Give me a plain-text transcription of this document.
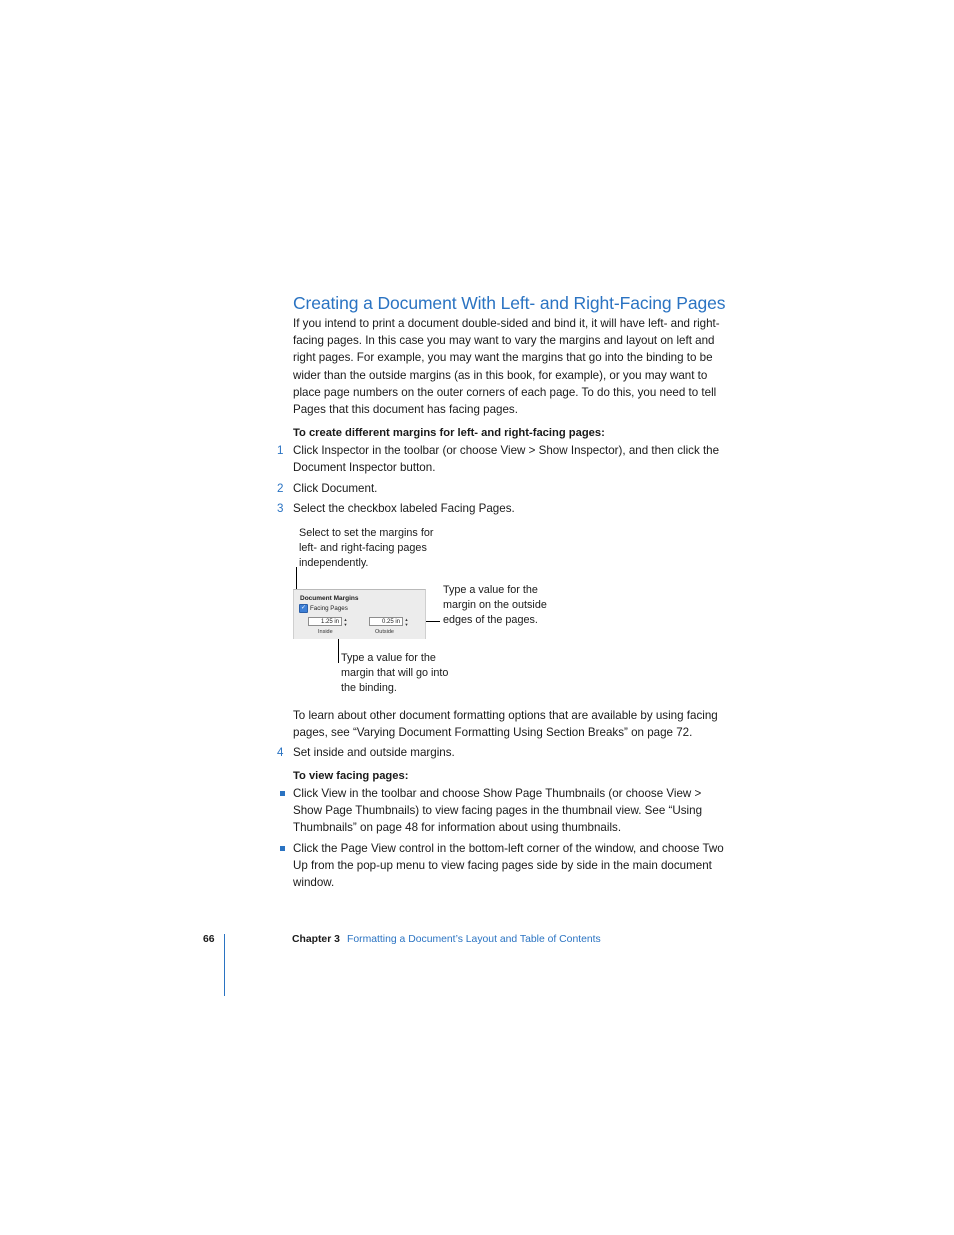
Creating a Document With Left- and Right-Facing Pages
If you intend to print a document double-sided and bind it, it will have left- and right-facing pages. In this case you may want to vary the margins and layout on left and right pages. For example, you may want the margins that go into the binding to be wider than the outside margins (as in this book, for example), or you may want to place page numbers on the outer corners of each page. To do this, you need to tell Pages that this document has facing pages.
To create different margins for left- and right-facing pages:
1 Click Inspector in the toolbar (or choose View > Show Inspector), and then click the Document Inspector button.
2 Click Document.
3 Select the checkbox labeled Facing Pages.
Select to set the margins for left- and right-facing pages independently.
Type a value for the margin on the outside edges of the pages.
Type a value for the margin that will go into the binding.
Document Margins
✓ Facing Pages
1.25 in	▲
▼
Inside
0.25 in	▲
▼
Outside
To learn about other document formatting options that are available by using facing pages, see “Varying Document Formatting Using Section Breaks” on page 72.
4 Set inside and outside margins.
To view facing pages:
Click View in the toolbar and choose Show Page Thumbnails (or choose View > Show Page Thumbnails) to view facing pages in the thumbnail view. See “Using Thumbnails” on page 48 for information about using thumbnails.
Click the Page View control in the bottom-left corner of the window, and choose Two Up from the pop-up menu to view facing pages side by side in the main document window.
66	Chapter 3 Formatting a Document’s Layout and Table of Contents
